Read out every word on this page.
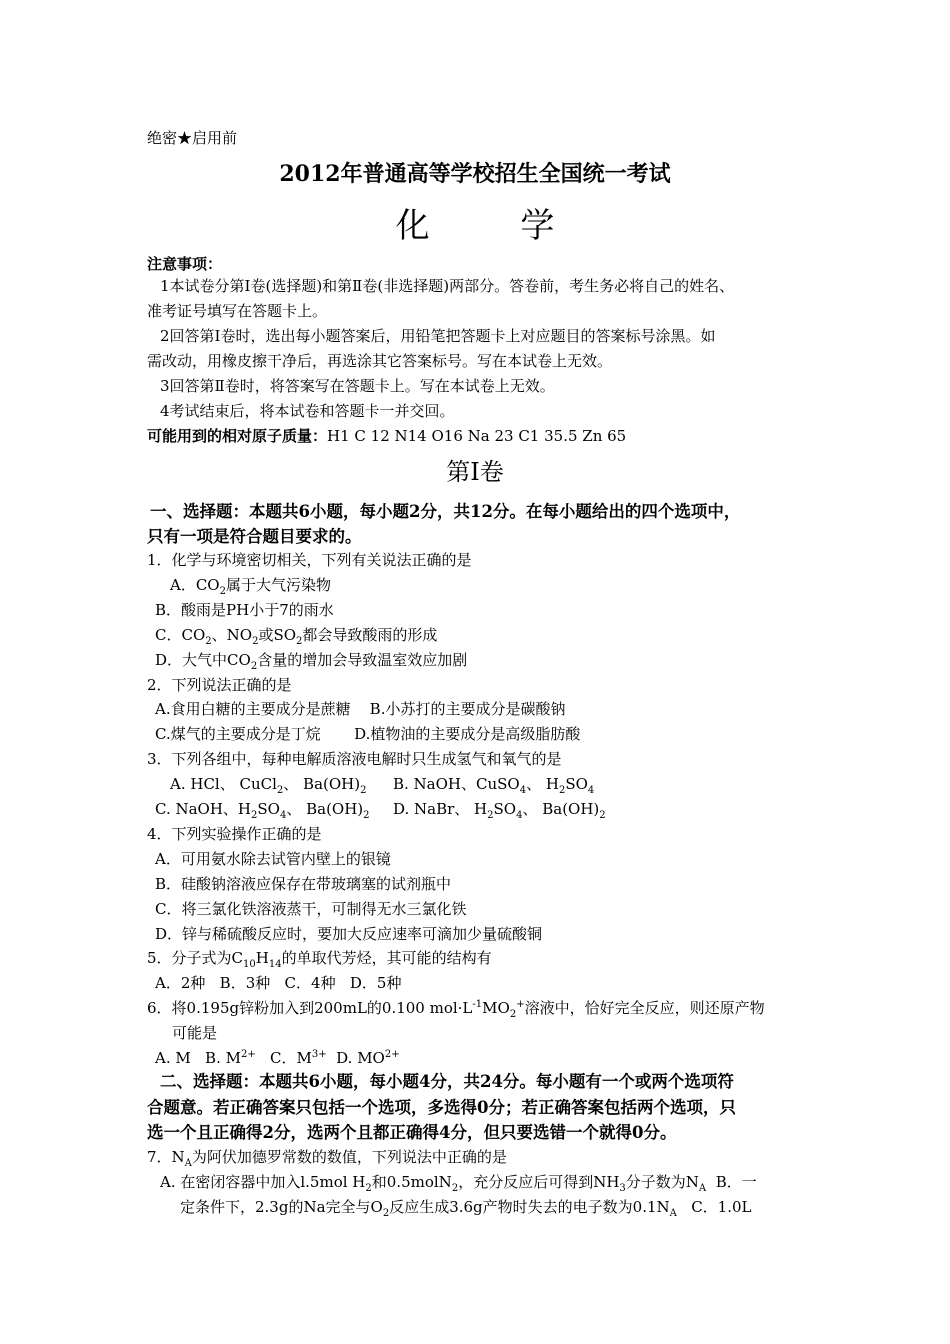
绝密★启用前
2012年普通高等学校招生全国统一考试
化 学
注意事项：
1本试卷分第Ⅰ卷(选择题)和第Ⅱ卷(非选择题)两部分。答卷前，考生务必将自己的姓名、
准考证号填写在答题卡上。
2回答第Ⅰ卷时，选出每小题答案后，用铅笔把答题卡上对应题目的答案标号涂黑。如
需改动，用橡皮擦干净后，再选涂其它答案标号。写在本试卷上无效。
3回答第Ⅱ卷时，将答案写在答题卡上。写在本试卷上无效。
4考试结束后，将本试卷和答题卡一并交回。
可能用到的相对原子质量：H1 C 12 N14 O16 Na 23 C1 35.5 Zn 65
第Ⅰ卷
一、选择题：本题共6小题，每小题2分，共12分。在每小题给出的四个选项中，
只有一项是符合题目要求的。
1．化学与环境密切相关，下列有关说法正确的是
A．$CO_2$属于大气污染物
B．酸雨是PH小于7的雨水
C．$CO_2$、$NO_2$或$SO_2$都会导致酸雨的形成
D．大气中$CO_2$含量的增加会导致温室效应加剧
2．下列说法正确的是
A.食用白糖的主要成分是蔗糖    B.小苏打的主要成分是碳酸钠
C.煤气的主要成分是丁烷       D.植物油的主要成分是高级脂肪酸
3．下列各组中，每种电解质溶液电解时只生成氢气和氧气的是
A. HCl、 CuCl$_2$、 $Ba(OH)_2$ B. NaOH、CuSO$_4$、 $H_2SO_4$
C. NaOH、$H_2SO_4$、 $Ba(OH)_2$ D. NaBr、 $H_2SO_4$、 $Ba(OH)_2$
4．下列实验操作正确的是
A．可用氨水除去试管内壁上的银镜
B．硅酸钠溶液应保存在带玻璃塞的试剂瓶中
C．将三氯化铁溶液蒸干，可制得无水三氯化铁
D．锌与稀硫酸反应时，要加大反应速率可滴加少量硫酸铜
5．分子式为$C_{10}H_{14}$的单取代芳烃，其可能的结构有
A．2种   B．3种   C．4种   D．5种
6．将0.195g锌粉加入到200mL的0.100 $mol\cdot L^{-1}MO_2^+$溶液中，恰好完全反应，则还原产物
可能是
A. M B. $M^{2+}$ C．$M^{3+}$ D. $MO^{2+}$
二、选择题：本题共6小题，每小题4分，共24分。每小题有一个或两个选项符
合题意。若正确答案只包括一个选项，多选得0分；若正确答案包括两个选项，只
选一个且正确得2分，选两个且都正确得4分，但只要选错一个就得0分。
7．$N_A$为阿伏加德罗常数的数值，下列说法中正确的是
A. 在密闭容器中加入l.5mol $H_2$和0.5molN$_2$，充分反应后可得到$NH_3$分子数为$N_A$  B．一
定条件下，2.3g的Na完全与$O_2$反应生成3.6g产物时失去的电子数为$0.1N_A$   C．1.0L
